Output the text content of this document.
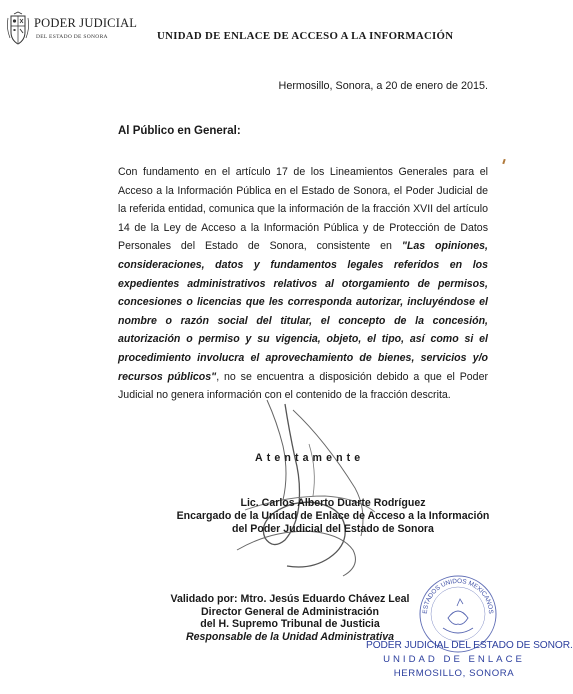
PODER JUDICIAL
DEL ESTADO DE SONORA	UNIDAD DE ENLACE DE ACCESO A LA INFORMACIÓN
Hermosillo, Sonora, a 20 de enero de 2015.
Al Público en General:
Con fundamento en el artículo 17 de los Lineamientos Generales para el Acceso a la Información Pública en el Estado de Sonora, el Poder Judicial de la referida entidad, comunica que la información de la fracción XVII del artículo 14 de la Ley de Acceso a la Información Pública y de Protección de Datos Personales del Estado de Sonora, consistente en "Las opiniones, consideraciones, datos y fundamentos legales referidos en los expedientes administrativos relativos al otorgamiento de permisos, concesiones o licencias que les corresponda autorizar, incluyéndose el nombre o razón social del titular, el concepto de la concesión, autorización o permiso y su vigencia, objeto, el tipo, así como si el procedimiento involucra el aprovechamiento de bienes, servicios y/o recursos públicos", no se encuentra a disposición debido a que el Poder Judicial no genera información con el contenido de la fracción descrita.
Atentamente
Lic. Carlos Alberto Duarte Rodríguez
Encargado de la Unidad de Enlace de Acceso a la Información
del Poder Judicial del Estado de Sonora
Validado por: Mtro. Jesús Eduardo Chávez Leal
Director General de Administración
del H. Supremo Tribunal de Justicia
Responsable de la Unidad Administrativa
ESTADOS UNIDOS MEXICANOS
PODER JUDICIAL DEL ESTADO DE SONOR.
UNIDAD DE ENLACE
HERMOSILLO, SONORA
